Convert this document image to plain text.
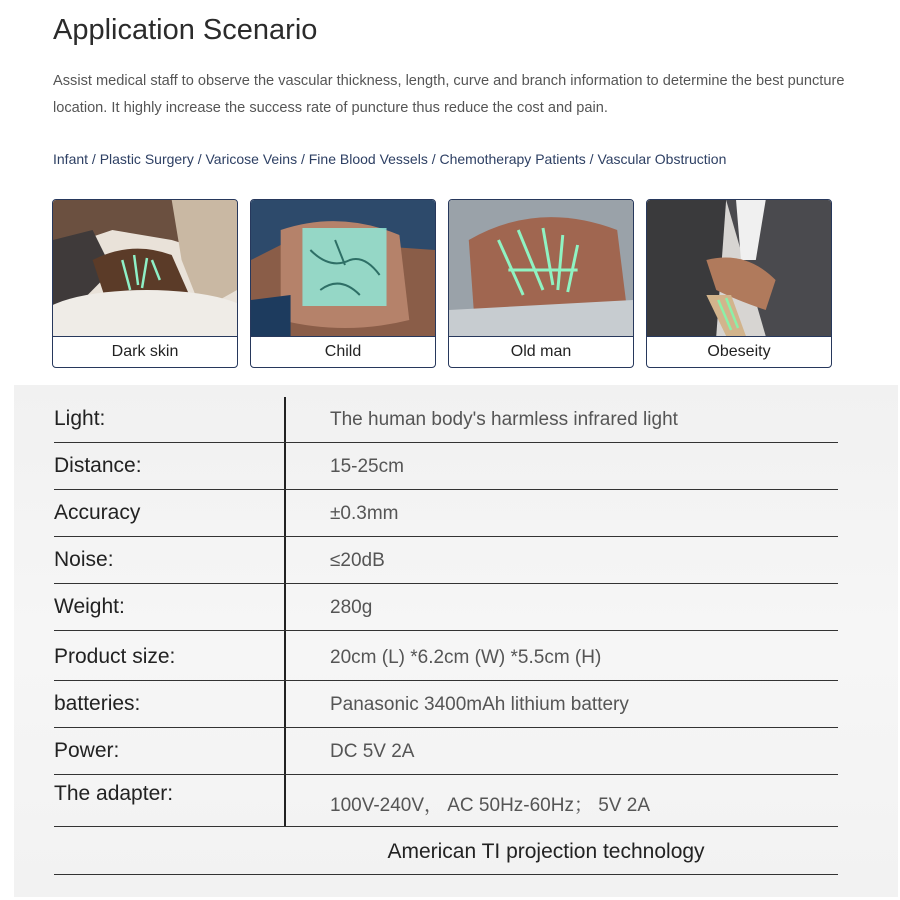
Application Scenario

Assist medical staff to observe the vascular thickness, length, curve and branch information to determine the best puncture location. It highly increase the success rate of puncture thus reduce the cost and pain.

Infant / Plastic Surgery / Varicose Veins / Fine Blood Vessels / Chemotherapy Patients / Vascular Obstruction

Dark skin	Child	Old man	Obeseity
Light:	The human body's harmless infrared light
Distance:	15-25cm
Accuracy	±0.3mm
Noise:	≤20dB
Weight:	280g
Product size:	20cm (L) *6.2cm (W) *5.5cm (H)
batteries:	Panasonic 3400mAh lithium battery
Power:	DC 5V 2A
The adapter:
100V-240V， AC 50Hz-60Hz； 5V 2A
American TI projection technology
